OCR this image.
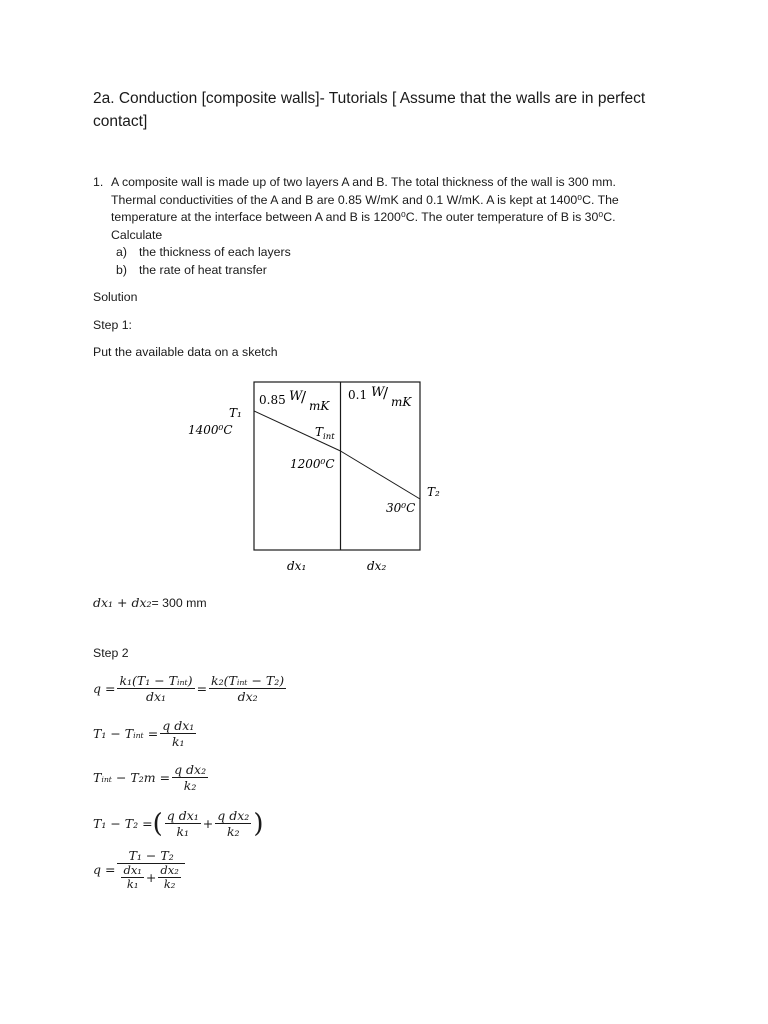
2a. Conduction [composite walls]- Tutorials [ Assume that the walls are in perfect contact]
1. A composite wall is made up of two layers A and B. The total thickness of the wall is 300 mm.
Thermal conductivities of the A and B are 0.85 W/mK and 0.1 W/mK. A is kept at 1400⁰C. The
temperature at the interface between A and B is 1200⁰C. The outer temperature of B is 30⁰C.
Calculate
a) the thickness of each layers
b) the rate of heat transfer
Solution
Step 1:
Put the available data on a sketch
0.85 W
/ mK
0.1 W
/ mK
T₁
1400⁰C	$T_{int}$
1200⁰C
T₂
30⁰C
dx₁	dx₂
dx₁ + dx₂= 300 mm
Step 2
$q = \frac{\text{k₁(T₁ − Tᵢₙₜ)}}{\text{dx₁}} = \frac{\text{k₂(Tᵢₙₜ − T₂)}}{\text{dx₂}}$
T₁ − Tᵢₙₜ = $\frac{\text{q dx₁}}{\text{k₁}}$
Tᵢₙₜ − $T_2m = \frac{\text{q dx₂}}{\text{k₂}}$
T₁ − T₂ = ( $\frac{\text{q dx₁}}{\text{k₁}} + \frac{\text{q dx₂}}{\text{k₂}}$ )
$q = \frac{\text{T₁ − T₂}}{\frac{\text{dx₁}}{\text{k₁}} + \frac{\text{dx₂}}{\text{k₂}}}$
